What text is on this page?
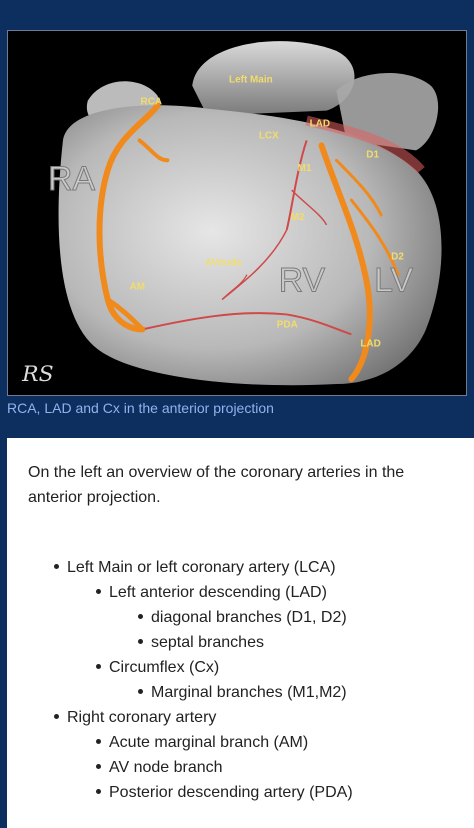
Left Main
RCA
LAD
LCX
D1
M1
M2
D2
AVnode
AM
PDA
LAD
RA
RV LV
RS
RCA, LAD and Cx in the anterior projection
On the left an overview of the coronary arteries in the anterior projection.
Left Main or left coronary artery (LCA)
Left anterior descending (LAD)
diagonal branches (D1, D2)
septal branches
Circumflex (Cx)
Marginal branches (M1,M2)
Right coronary artery
Acute marginal branch (AM)
AV node branch
Posterior descending artery (PDA)
